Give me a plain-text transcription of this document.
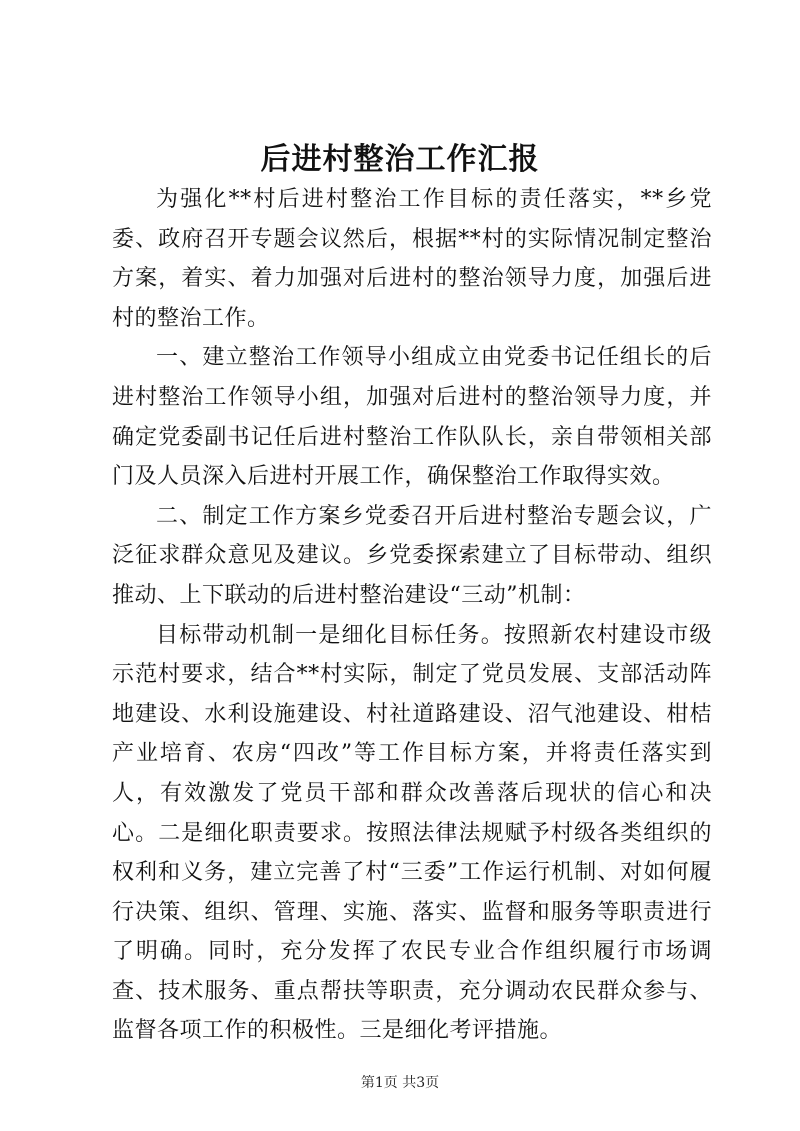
后进村整治工作汇报

为强化**村后进村整治工作目标的责任落实，**乡党委、政府召开专题会议然后，根据**村的实际情况制定整治方案，着实、着力加强对后进村的整治领导力度，加强后进村的整治工作。

一、建立整治工作领导小组成立由党委书记任组长的后进村整治工作领导小组，加强对后进村的整治领导力度，并确定党委副书记任后进村整治工作队队长，亲自带领相关部门及人员深入后进村开展工作，确保整治工作取得实效。

二、制定工作方案乡党委召开后进村整治专题会议，广泛征求群众意见及建议。乡党委探索建立了目标带动、组织推动、上下联动的后进村整治建设“三动”机制：

目标带动机制一是细化目标任务。按照新农村建设市级示范村要求，结合**村实际，制定了党员发展、支部活动阵地建设、水利设施建设、村社道路建设、沼气池建设、柑桔产业培育、农房“四改”等工作目标方案，并将责任落实到人，有效激发了党员干部和群众改善落后现状的信心和决心。二是细化职责要求。按照法律法规赋予村级各类组织的权利和义务，建立完善了村“三委”工作运行机制、对如何履行决策、组织、管理、实施、落实、监督和服务等职责进行了明确。同时，充分发挥了农民专业合作组织履行市场调查、技术服务、重点帮扶等职责，充分调动农民群众参与、监督各项工作的积极性。三是细化考评措施。

第1页 共3页
